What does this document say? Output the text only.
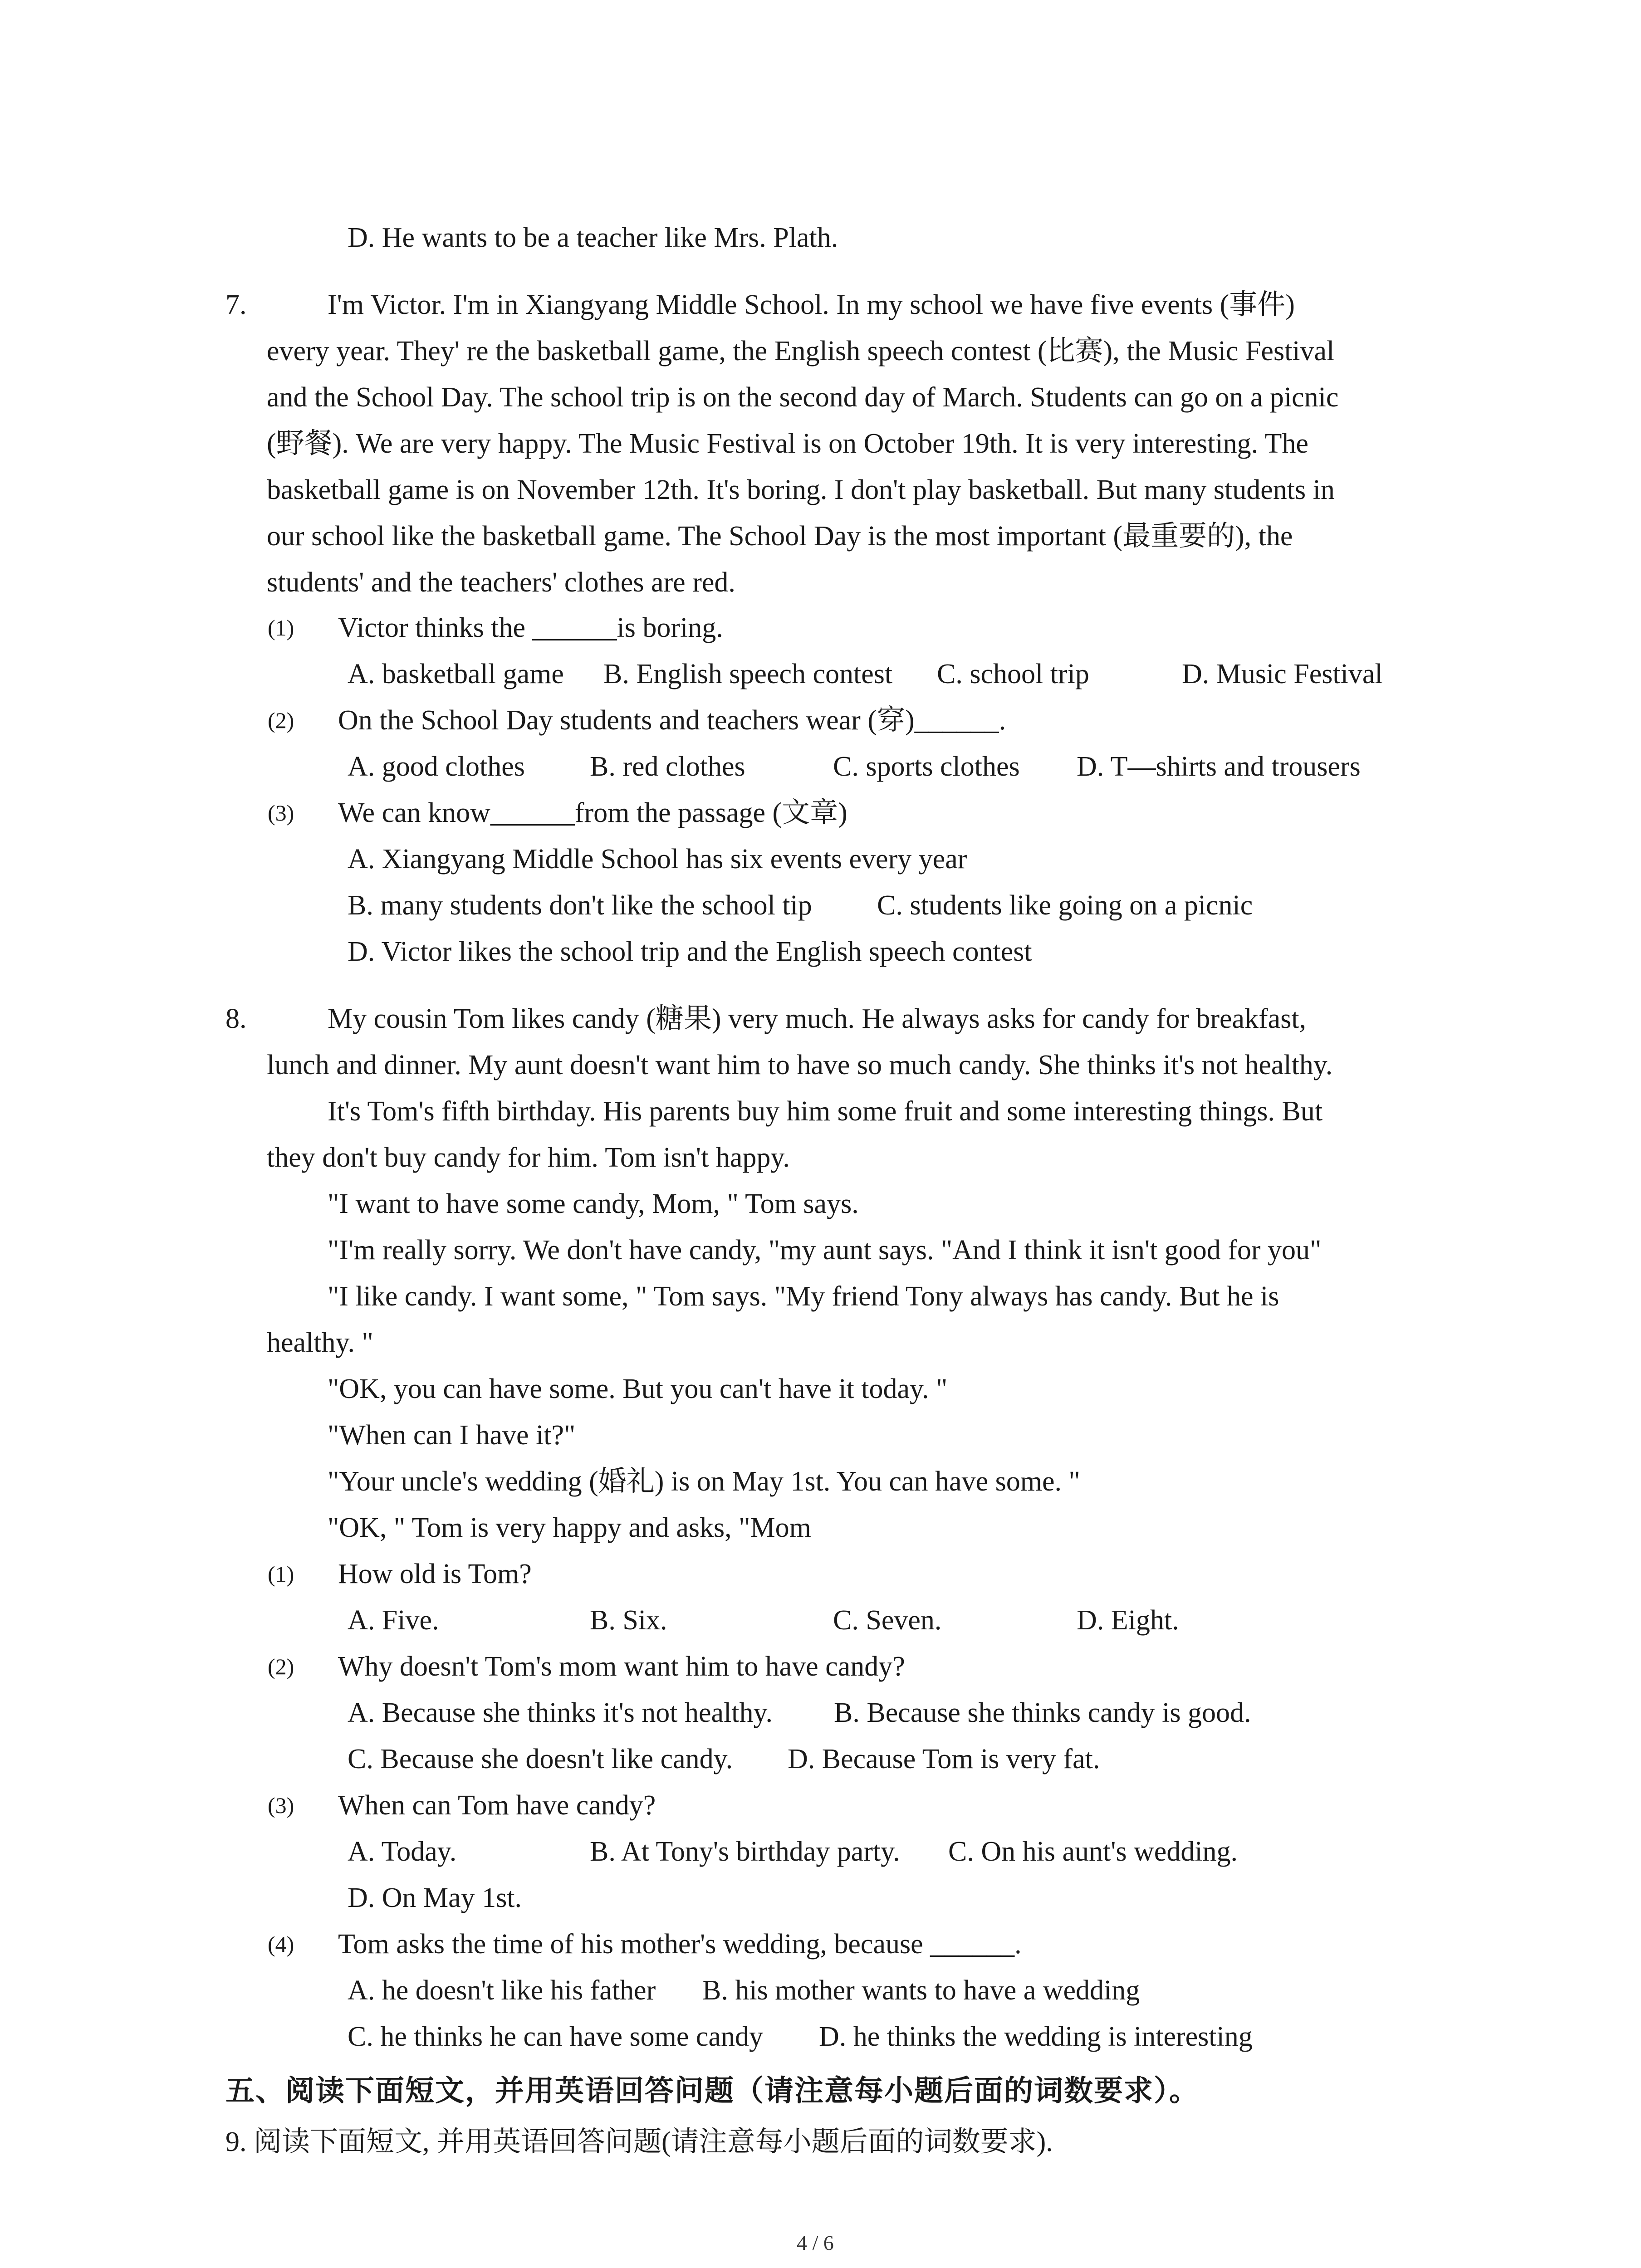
D. He wants to be a teacher like Mrs. Plath.
7.	I'm Victor. I'm in Xiangyang Middle School. In my school we have five events (事件)
every year. They' re the basketball game, the English speech contest (比赛), the Music Festival
and the School Day. The school trip is on the second day of March. Students can go on a picnic
(野餐). We are very happy. The Music Festival is on October 19th. It is very interesting. The
basketball game is on November 12th. It's boring. I don't play basketball. But many students in
our school like the basketball game. The School Day is the most important (最重要的), the
students' and the teachers' clothes are red.
(1) Victor thinks the ______is boring.
A. basketball game B. English speech contest C. school trip	D. Music Festival
(2) On the School Day students and teachers wear (穿)______.
A. good clothes B. red clothes	C. sports clothes D. T—shirts and trousers
(3) We can know______from the passage (文章)
A. Xiangyang Middle School has six events every year
B. many students don't like the school tip C. students like going on a picnic
D. Victor likes the school trip and the English speech contest
8.	My cousin Tom likes candy (糖果) very much. He always asks for candy for breakfast,
lunch and dinner. My aunt doesn't want him to have so much candy. She thinks it's not healthy.
It's Tom's fifth birthday. His parents buy him some fruit and some interesting things. But
they don't buy candy for him. Tom isn't happy.
"I want to have some candy, Mom, " Tom says.
"I'm really sorry. We don't have candy, "my aunt says. "And I think it isn't good for you"
"I like candy. I want some, " Tom says. "My friend Tony always has candy. But he is
healthy. "
"OK, you can have some. But you can't have it today. "
"When can I have it?"
"Your uncle's wedding (婚礼) is on May 1st. You can have some. "
"OK, " Tom is very happy and asks, "Mom
(1) How old is Tom?
A. Five.	B. Six.	C. Seven.	D. Eight.
(2) Why doesn't Tom's mom want him to have candy?
A. Because she thinks it's not healthy. B. Because she thinks candy is good.
C. Because she doesn't like candy. D. Because Tom is very fat.
(3) When can Tom have candy?
A. Today.	B. At Tony's birthday party. C. On his aunt's wedding.
D. On May 1st.
(4) Tom asks the time of his mother's wedding, because ______.
A. he doesn't like his father B. his mother wants to have a wedding
C. he thinks he can have some candy D. he thinks the wedding is interesting
五、阅读下面短文，并用英语回答问题（请注意每小题后面的词数要求）。
9. 阅读下面短文, 并用英语回答问题(请注意每小题后面的词数要求).
4 / 6
